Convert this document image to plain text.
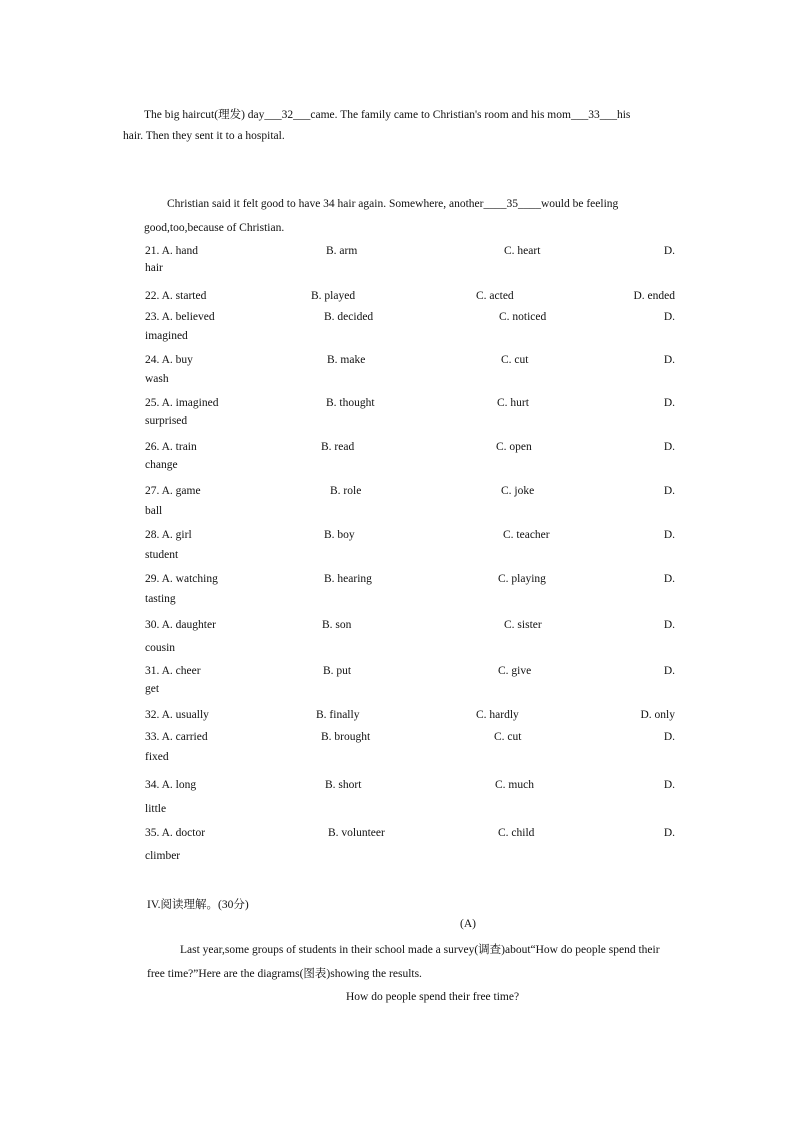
The big haircut(理发) day___32___came. The family came to Christian's room and his mom___33___his
hair. Then they sent it to a hospital.
Christian said it felt good to have 34 hair again. Somewhere, another____35____would be feeling
good,too,because of Christian.
21. A. hand	B. arm	C. heart	D.
hair
22. A. started	B. played	C. acted	D. ended
23. A. believed	B. decided	C. noticed	D.
imagined
24. A. buy	B. make	C. cut	D.
wash
25. A. imagined	B. thought	C. hurt	D.
surprised
26. A. train	B. read	C. open	D.
change
27. A. game	B. role	C. joke	D.
ball
28. A. girl	B. boy	C. teacher	D.
student
29. A. watching	B. hearing	C. playing	D.
tasting
30. A. daughter	B. son	C. sister	D.
cousin
31. A. cheer	B. put	C. give	D.
get
32. A. usually	B. finally	C. hardly	D. only
33. A. carried	B. brought	C. cut	D.
fixed
34. A. long	B. short	C. much	D.
little
35. A. doctor	B. volunteer	C. child	D.
climber
IV.阅读理解。(30分)
(A)
Last year,some groups of students in their school made a survey(调查)about“How do people spend their
free time?”Here are the diagrams(图表)showing the results.
How do people spend their free time?
